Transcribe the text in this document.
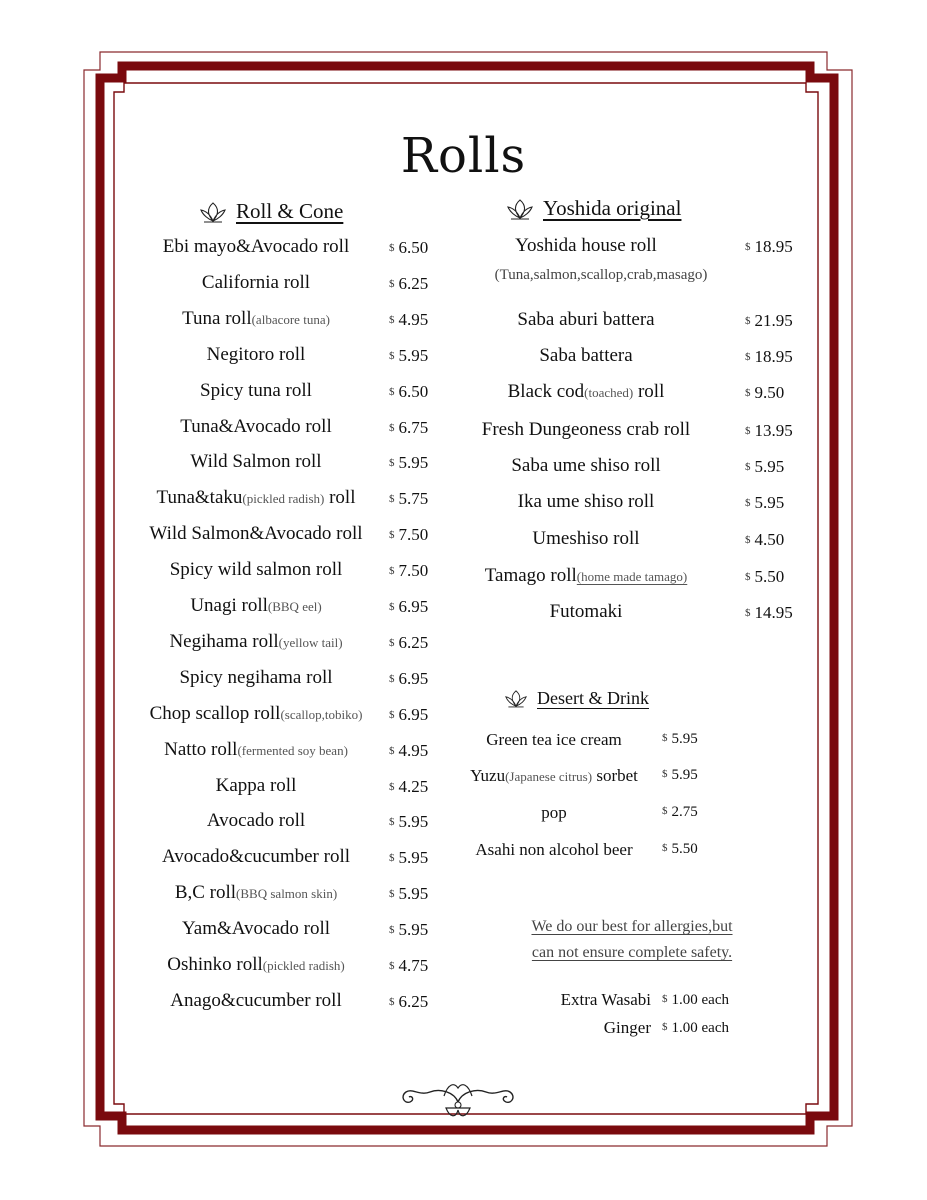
Rolls
Roll & Cone	Yoshida original
Desert & Drink
Ebi mayo&Avocado roll	$ 6.50
California roll	$ 6.25
Tuna roll(albacore tuna)	$ 4.95
Negitoro roll	$ 5.95
Spicy tuna roll	$ 6.50
Tuna&Avocado roll	$ 6.75
Wild Salmon roll	$ 5.95
Tuna&taku(pickled radish) roll	$ 5.75
Wild Salmon&Avocado roll $ 7.50
Spicy wild salmon roll	$ 7.50
Unagi roll(BBQ eel)	$ 6.95
Negihama roll(yellow tail)	$ 6.25
Spicy negihama roll	$ 6.95
Chop scallop roll(scallop,tobiko) $ 6.95
Natto roll(fermented soy bean)	$ 4.95
Kappa roll	$ 4.25
Avocado roll	$ 5.95
Avocado&cucumber roll	$ 5.95
B,C roll(BBQ salmon skin)	$ 5.95
Yam&Avocado roll	$ 5.95
Oshinko roll(pickled radish)	$ 4.75
Anago&cucumber roll	$ 6.25
Yoshida house roll	$ 18.95
(Tuna,salmon,scallop,crab,masago)
Saba aburi battera	$ 21.95
Saba battera	$ 18.95
Black cod(toached) roll	$ 9.50
Fresh Dungeoness crab roll	$ 13.95
Saba ume shiso roll	$ 5.95
Ika ume shiso roll	$ 5.95
Umeshiso roll	$ 4.50
Tamago roll(home made tamago)	$ 5.50
Futomaki	$ 14.95
Green tea ice cream	$ 5.95
Yuzu(Japanese citrus) sorbet $ 5.95
pop	$ 2.75
Asahi non alcohol beer	$ 5.50
We do our best for allergies,but
can not ensure complete safety.
Extra Wasabi $ 1.00 each
Ginger $ 1.00 each
